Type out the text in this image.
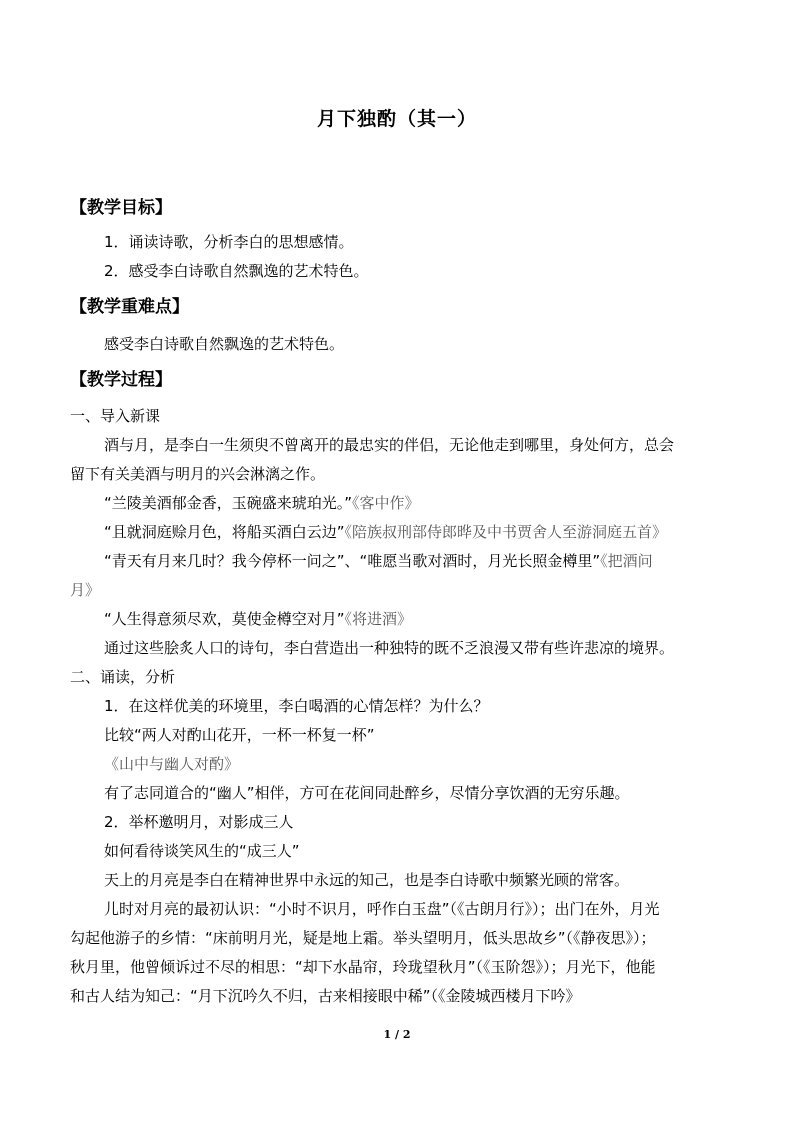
月下独酌（其一）
【教学目标】
1．诵读诗歌，分析李白的思想感情。
2．感受李白诗歌自然飘逸的艺术特色。
【教学重难点】
感受李白诗歌自然飘逸的艺术特色。
【教学过程】
一、导入新课
酒与月，是李白一生须臾不曾离开的最忠实的伴侣，无论他走到哪里，身处何方，总会
留下有关美酒与明月的兴会淋漓之作。
“兰陵美酒郁金香，玉碗盛来琥珀光。”《客中作》
“且就洞庭赊月色，将船买酒白云边”《陪族叔刑部侍郎晔及中书贾舍人至游洞庭五首》
“青天有月来几时？我今停杯一问之”、“唯愿当歌对酒时，月光长照金樽里”《把酒问
月》
“人生得意须尽欢，莫使金樽空对月”《将进酒》
通过这些脍炙人口的诗句，李白营造出一种独特的既不乏浪漫又带有些许悲凉的境界。
二、诵读，分析
1．在这样优美的环境里，李白喝酒的心情怎样？为什么？
比较“两人对酌山花开，一杯一杯复一杯”
《山中与幽人对酌》
有了志同道合的“幽人”相伴，方可在花间同赴醉乡，尽情分享饮酒的无穷乐趣。
2．举杯邀明月，对影成三人
如何看待谈笑风生的“成三人”
天上的月亮是李白在精神世界中永远的知己，也是李白诗歌中频繁光顾的常客。
儿时对月亮的最初认识：“小时不识月，呼作白玉盘”（《古朗月行》）；出门在外，月光
勾起他游子的乡情：“床前明月光，疑是地上霜。举头望明月，低头思故乡”（《静夜思》）；
秋月里，他曾倾诉过不尽的相思：“却下水晶帘，玲珑望秋月”（《玉阶怨》）；月光下，他能
和古人结为知己：“月下沉吟久不归，古来相接眼中稀”（《金陵城西楼月下吟》
1 / 2
